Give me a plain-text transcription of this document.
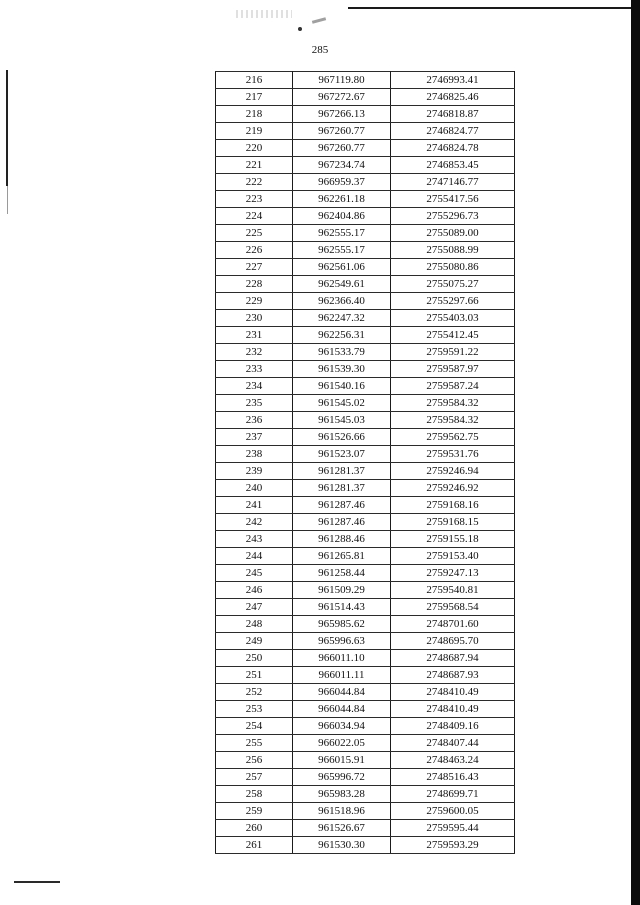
285
216	967119.80	2746993.41
217	967272.67	2746825.46
218	967266.13	2746818.87
219	967260.77	2746824.77
220	967260.77	2746824.78
221	967234.74	2746853.45
222	966959.37	2747146.77
223	962261.18	2755417.56
224	962404.86	2755296.73
225	962555.17	2755089.00
226	962555.17	2755088.99
227	962561.06	2755080.86
228	962549.61	2755075.27
229	962366.40	2755297.66
230	962247.32	2755403.03
231	962256.31	2755412.45
232	961533.79	2759591.22
233	961539.30	2759587.97
234	961540.16	2759587.24
235	961545.02	2759584.32
236	961545.03	2759584.32
237	961526.66	2759562.75
238	961523.07	2759531.76
239	961281.37	2759246.94
240	961281.37	2759246.92
241	961287.46	2759168.16
242	961287.46	2759168.15
243	961288.46	2759155.18
244	961265.81	2759153.40
245	961258.44	2759247.13
246	961509.29	2759540.81
247	961514.43	2759568.54
248	965985.62	2748701.60
249	965996.63	2748695.70
250	966011.10	2748687.94
251	966011.11	2748687.93
252	966044.84	2748410.49
253	966044.84	2748410.49
254	966034.94	2748409.16
255	966022.05	2748407.44
256	966015.91	2748463.24
257	965996.72	2748516.43
258	965983.28	2748699.71
259	961518.96	2759600.05
260	961526.67	2759595.44
261	961530.30	2759593.29
